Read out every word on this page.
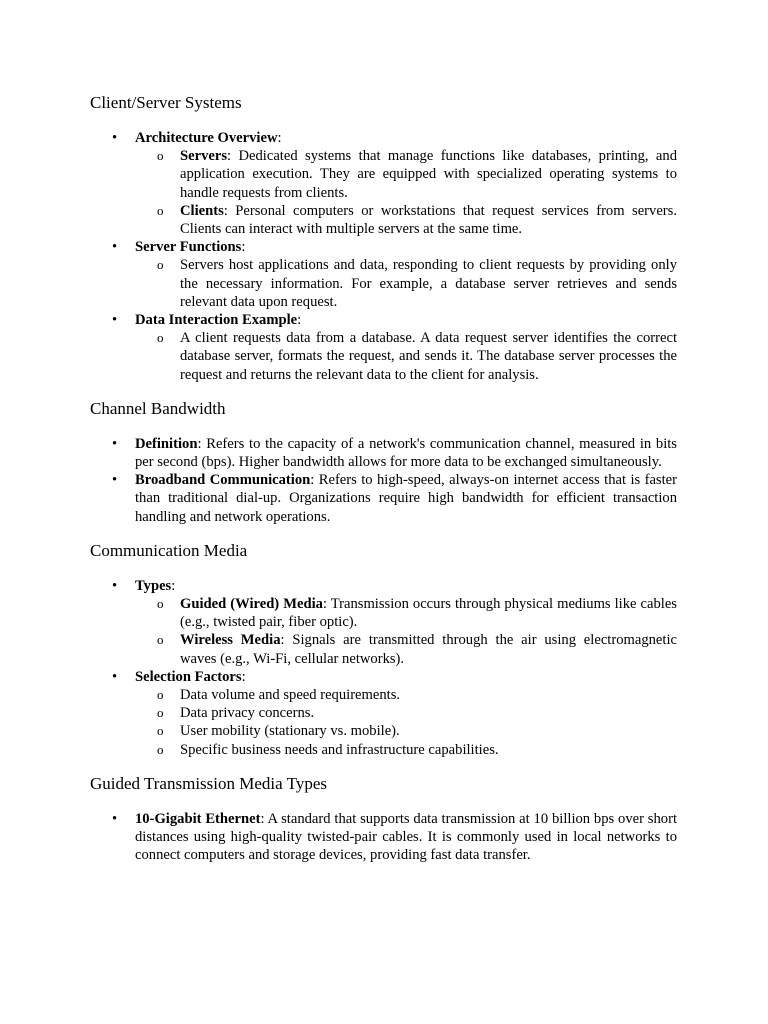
Client/Server Systems
•	Architecture Overview:
o Servers: Dedicated systems that manage functions like databases, printing, and application execution. They are equipped with specialized operating systems to handle requests from clients.
o Clients: Personal computers or workstations that request services from servers. Clients can interact with multiple servers at the same time.
•	Server Functions:
o Servers host applications and data, responding to client requests by providing only the necessary information. For example, a database server retrieves and sends relevant data upon request.
•	Data Interaction Example:
o A client requests data from a database. A data request server identifies the correct database server, formats the request, and sends it. The database server processes the request and returns the relevant data to the client for analysis.
Channel Bandwidth
•	Definition: Refers to the capacity of a network's communication channel, measured in bits per second (bps). Higher bandwidth allows for more data to be exchanged simultaneously.
•	Broadband Communication: Refers to high-speed, always-on internet access that is faster than traditional dial-up. Organizations require high bandwidth for efficient transaction handling and network operations.
Communication Media
•	Types:
o Guided (Wired) Media: Transmission occurs through physical mediums like cables (e.g., twisted pair, fiber optic).
o Wireless Media: Signals are transmitted through the air using electromagnetic waves (e.g., Wi-Fi, cellular networks).
•	Selection Factors:
o Data volume and speed requirements.
o Data privacy concerns.
o User mobility (stationary vs. mobile).
o Specific business needs and infrastructure capabilities.
Guided Transmission Media Types
•	10-Gigabit Ethernet: A standard that supports data transmission at 10 billion bps over short distances using high-quality twisted-pair cables. It is commonly used in local networks to connect computers and storage devices, providing fast data transfer.
